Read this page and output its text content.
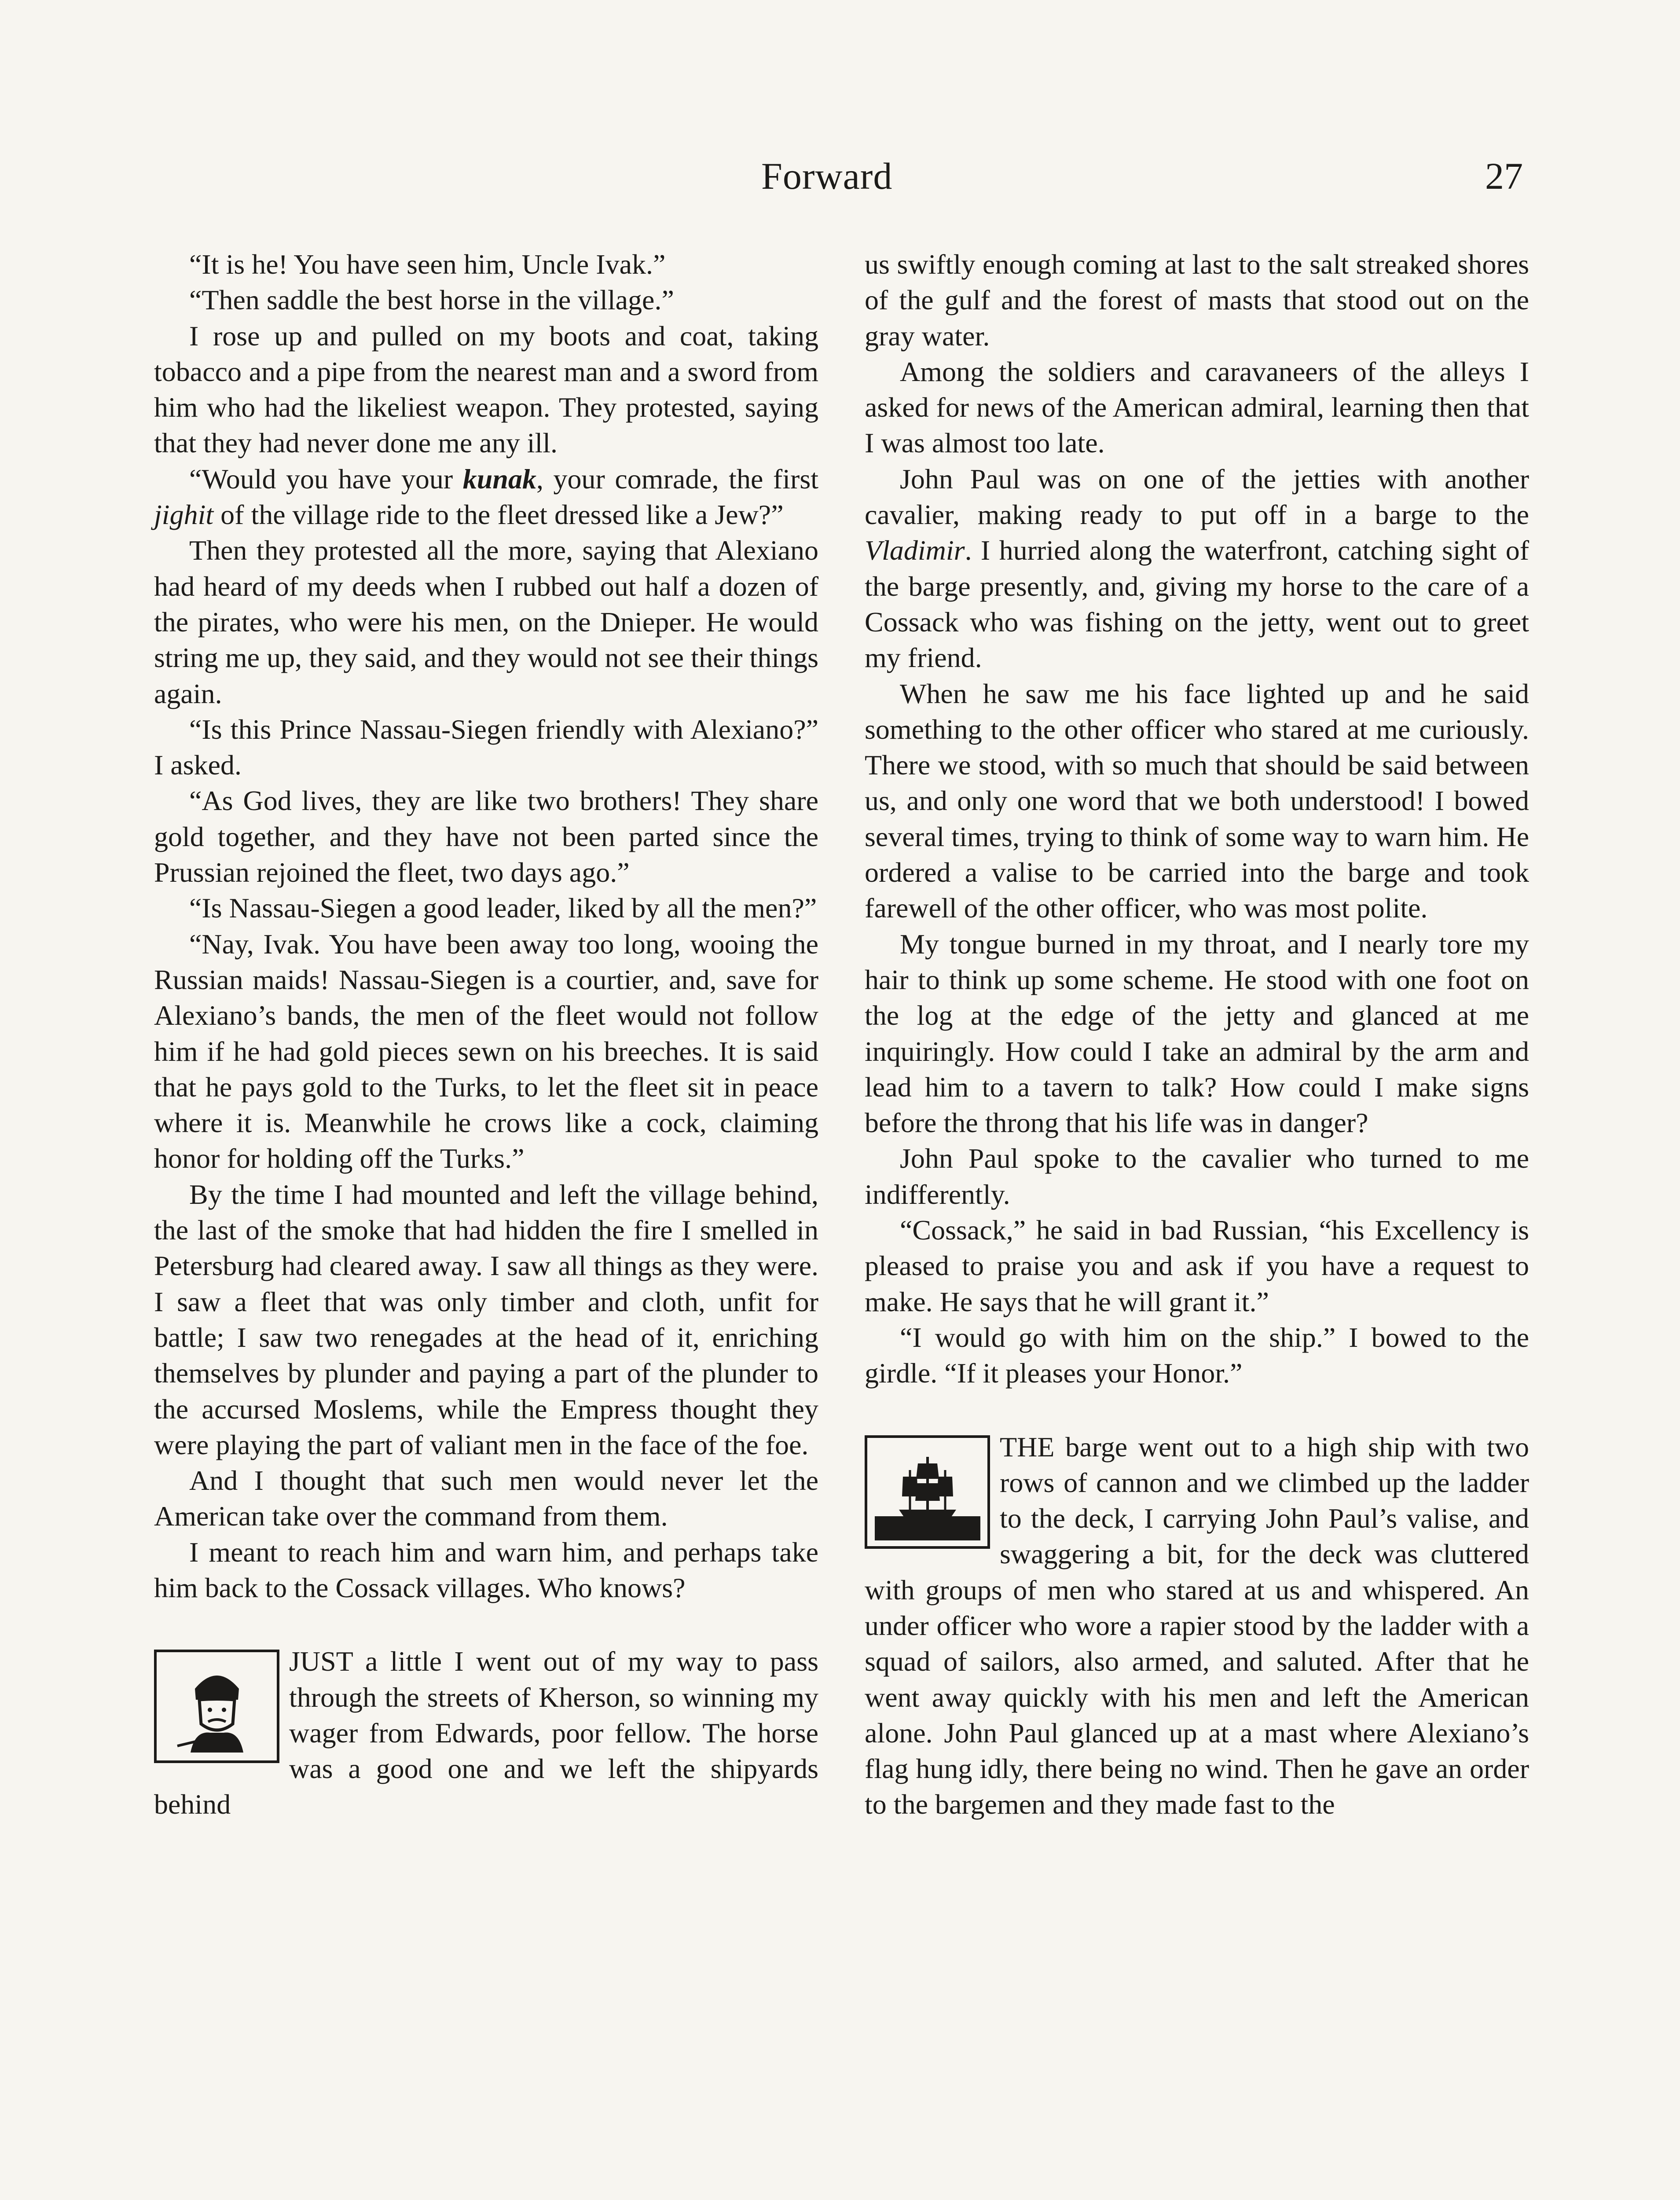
Forward	27

“It is he! You have seen him, Uncle Ivak.”

“Then saddle the best horse in the village.”

I rose up and pulled on my boots and coat, taking tobacco and a pipe from the nearest man and a sword from him who had the likeliest weapon. They protested, saying that they had never done me any ill.

“Would you have your kunak, your comrade, the first jighit of the village ride to the fleet dressed like a Jew?”

Then they protested all the more, saying that Alexiano had heard of my deeds when I rubbed out half a dozen of the pirates, who were his men, on the Dnieper. He would string me up, they said, and they would not see their things again.

“Is this Prince Nassau-Siegen friendly with Alexiano?” I asked.

“As God lives, they are like two brothers! They share gold together, and they have not been parted since the Prussian rejoined the fleet, two days ago.”

“Is Nassau-Siegen a good leader, liked by all the men?”

“Nay, Ivak. You have been away too long, wooing the Russian maids! Nassau-Siegen is a courtier, and, save for Alexiano’s bands, the men of the fleet would not follow him if he had gold pieces sewn on his breeches. It is said that he pays gold to the Turks, to let the fleet sit in peace where it is. Meanwhile he crows like a cock, claiming honor for holding off the Turks.”

By the time I had mounted and left the village behind, the last of the smoke that had hidden the fire I smelled in Petersburg had cleared away. I saw all things as they were. I saw a fleet that was only timber and cloth, unfit for battle; I saw two renegades at the head of it, enriching themselves by plunder and paying a part of the plunder to the accursed Moslems, while the Empress thought they were playing the part of valiant men in the face of the foe.

And I thought that such men would never let the American take over the command from them.

I meant to reach him and warn him, and perhaps take him back to the Cossack villages. Who knows?

JUST a little I went out of my way to pass through the streets of Kherson, so winning my wager from Edwards, poor fellow. The horse was a good one and we left the shipyards behind

us swiftly enough coming at last to the salt streaked shores of the gulf and the forest of masts that stood out on the gray water.

Among the soldiers and caravaneers of the alleys I asked for news of the American admiral, learning then that I was almost too late.

John Paul was on one of the jetties with another cavalier, making ready to put off in a barge to the Vladimir. I hurried along the waterfront, catching sight of the barge presently, and, giving my horse to the care of a Cossack who was fishing on the jetty, went out to greet my friend.

When he saw me his face lighted up and he said something to the other officer who stared at me curiously. There we stood, with so much that should be said between us, and only one word that we both understood! I bowed several times, trying to think of some way to warn him. He ordered a valise to be carried into the barge and took farewell of the other officer, who was most polite.

My tongue burned in my throat, and I nearly tore my hair to think up some scheme. He stood with one foot on the log at the edge of the jetty and glanced at me inquiringly. How could I take an admiral by the arm and lead him to a tavern to talk? How could I make signs before the throng that his life was in danger?

John Paul spoke to the cavalier who turned to me indifferently.

“Cossack,” he said in bad Russian, “his Excellency is pleased to praise you and ask if you have a request to make. He says that he will grant it.”

“I would go with him on the ship.” I bowed to the girdle. “If it pleases your Honor.”

THE barge went out to a high ship with two rows of cannon and we climbed up the ladder to the deck, I carrying John Paul’s valise, and swaggering a bit, for the deck was cluttered with groups of men who stared at us and whispered. An under officer who wore a rapier stood by the ladder with a squad of sailors, also armed, and saluted. After that he went away quickly with his men and left the American alone. John Paul glanced up at a mast where Alexiano’s flag hung idly, there being no wind. Then he gave an order to the bargemen and they made fast to the
